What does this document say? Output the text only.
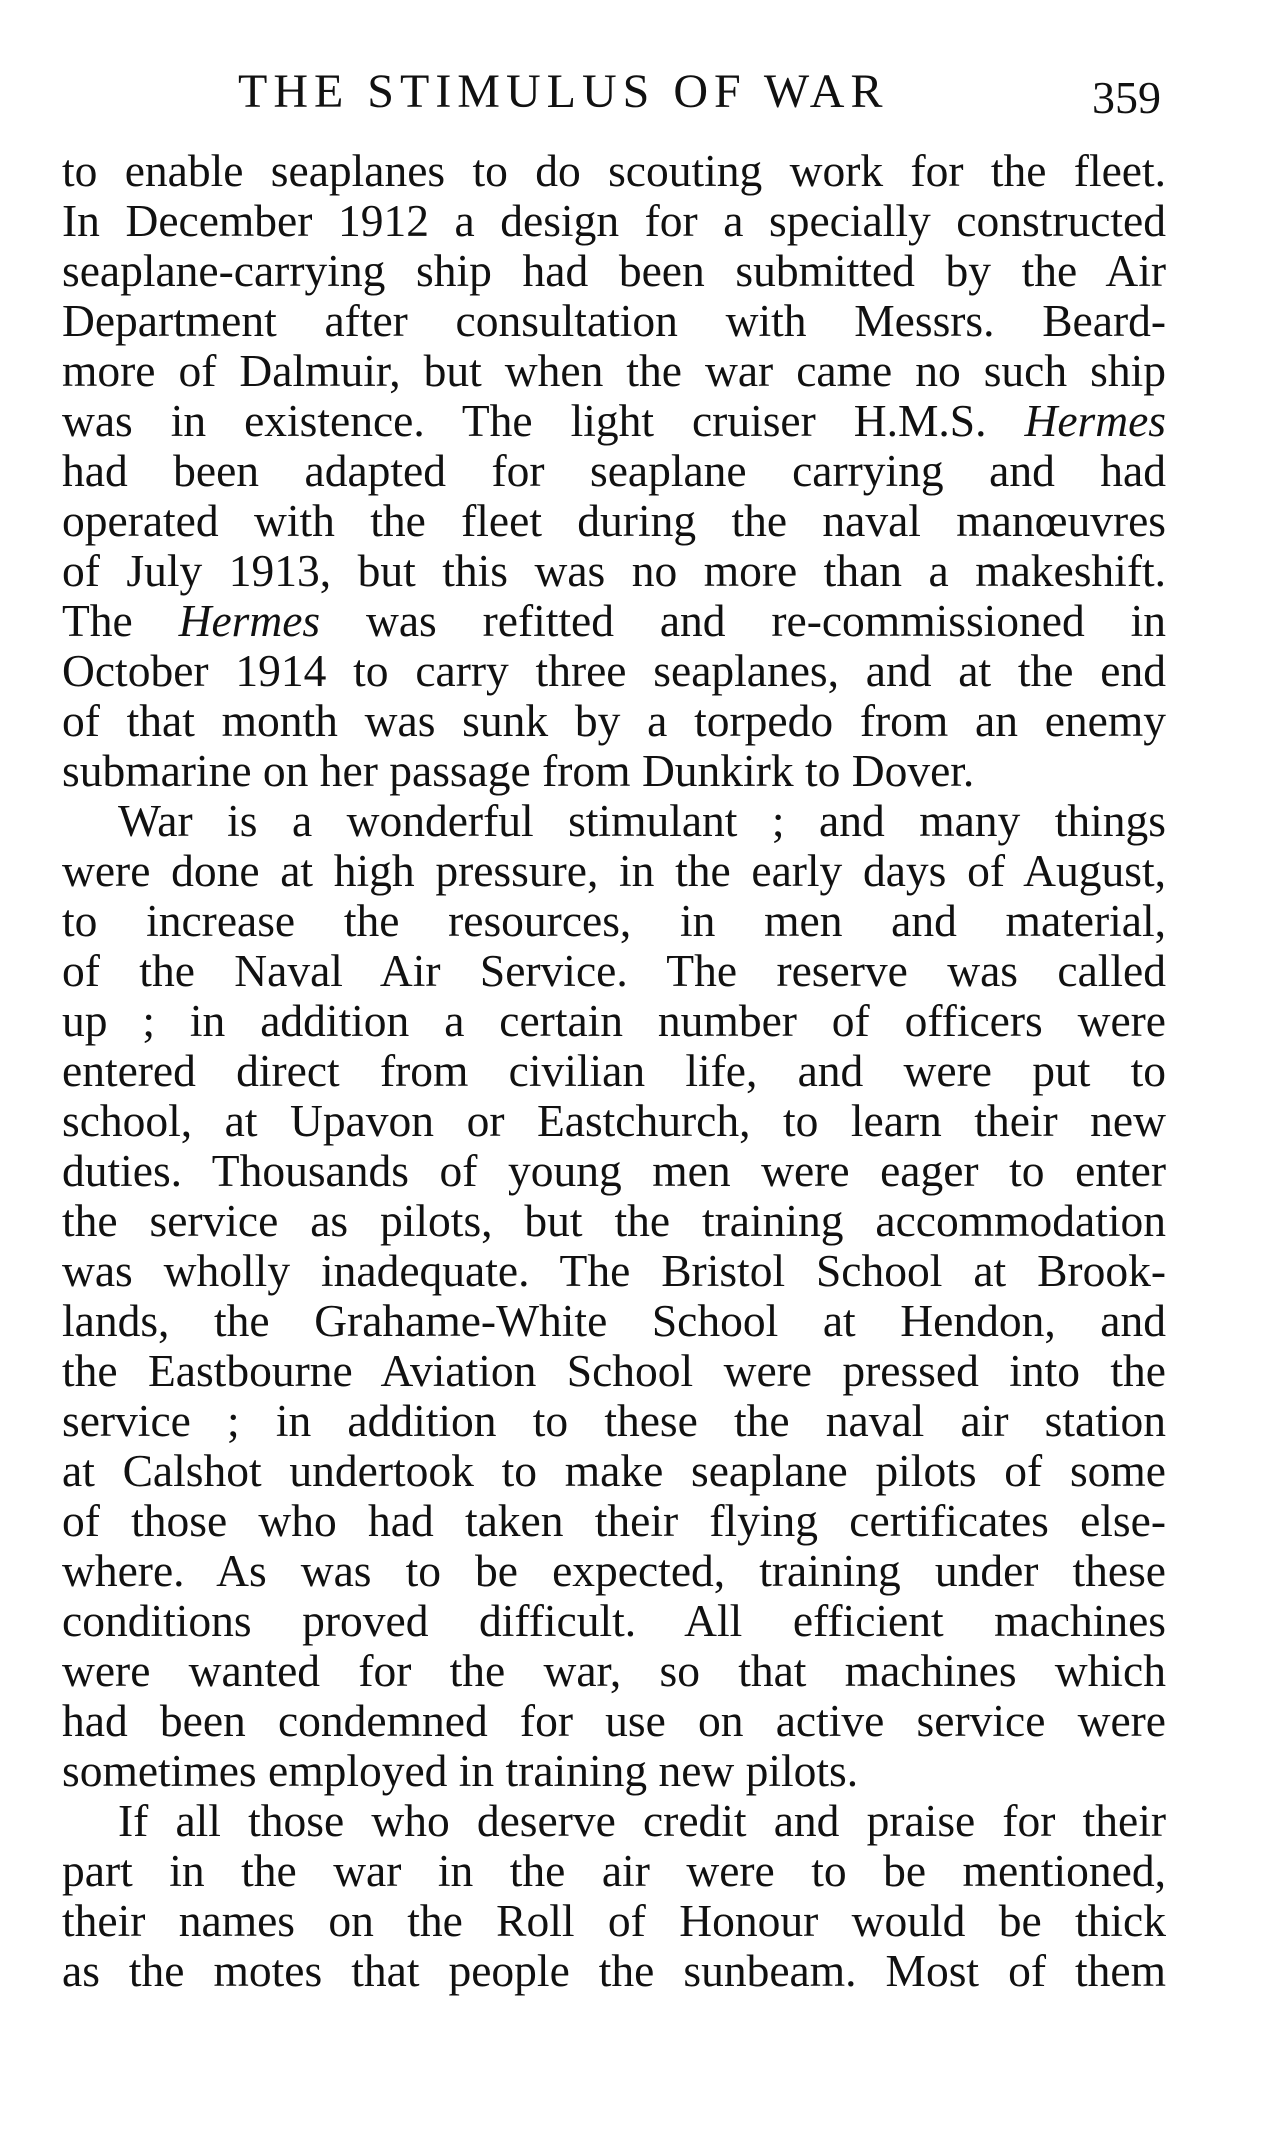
THE STIMULUS OF WAR	359
to enable seaplanes to do scouting work for the fleet.
In December 1912 a design for a specially constructed
seaplane-carrying ship had been submitted by the Air
Department after consultation with Messrs. Beard-
more of Dalmuir, but when the war came no such ship
was in existence. The light cruiser H.M.S. Hermes
had been adapted for seaplane carrying and had
operated with the fleet during the naval manœuvres
of July 1913, but this was no more than a makeshift.
The Hermes was refitted and re-commissioned in
October 1914 to carry three seaplanes, and at the end
of that month was sunk by a torpedo from an enemy
submarine on her passage from Dunkirk to Dover.
War is a wonderful stimulant ; and many things
were done at high pressure, in the early days of August,
to increase the resources, in men and material,
of the Naval Air Service. The reserve was called
up ; in addition a certain number of officers were
entered direct from civilian life, and were put to
school, at Upavon or Eastchurch, to learn their new
duties. Thousands of young men were eager to enter
the service as pilots, but the training accommodation
was wholly inadequate. The Bristol School at Brook-
lands, the Grahame-White School at Hendon, and
the Eastbourne Aviation School were pressed into the
service ; in addition to these the naval air station
at Calshot undertook to make seaplane pilots of some
of those who had taken their flying certificates else-
where. As was to be expected, training under these
conditions proved difficult. All efficient machines
were wanted for the war, so that machines which
had been condemned for use on active service were
sometimes employed in training new pilots.
If all those who deserve credit and praise for their
part in the war in the air were to be mentioned,
their names on the Roll of Honour would be thick
as the motes that people the sunbeam. Most of them
